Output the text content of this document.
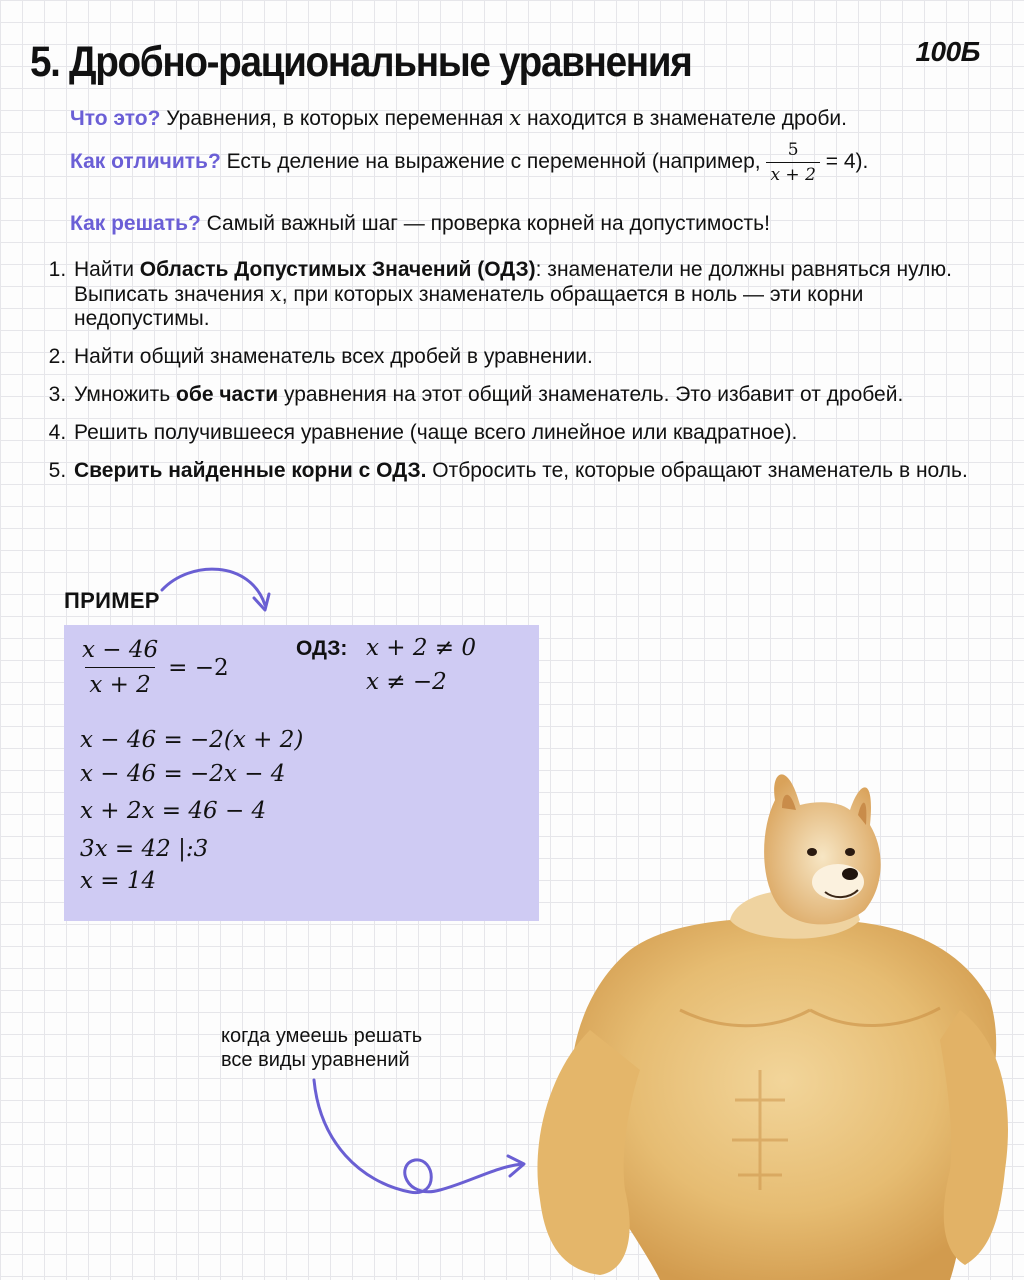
5. Дробно-рациональные уравнения	100Б
Что это? Уравнения, в которых переменная x находится в знаменателе дроби.
Как отличить? Есть деление на выражение с переменной (например, $\frac{5}{x + 2} = 4$).
Как решать? Самый важный шаг — проверка корней на допустимость!
1. Найти Область Допустимых Значений (ОДЗ): знаменатели не должны равняться нулю. Выписать значения x, при которых знаменатель обращается в ноль — эти корни недопустимы.
2. Найти общий знаменатель всех дробей в уравнении.
3. Умножить обе части уравнения на этот общий знаменатель. Это избавит от дробей.
4. Решить получившееся уравнение (чаще всего линейное или квадратное).
5. Сверить найденные корни с ОДЗ. Отбросить те, которые обращают знаменатель в ноль.
ПРИМЕР
$\frac{x - 46}{x + 2} = -2$
ОДЗ: x + 2 ≠ 0
x ≠ −2
x − 46 = −2(x + 2)
x − 46 = −2x − 4
x + 2x = 46 − 4
3x = 42 |:3
x = 14
когда умеешь решать
все виды уравнений
